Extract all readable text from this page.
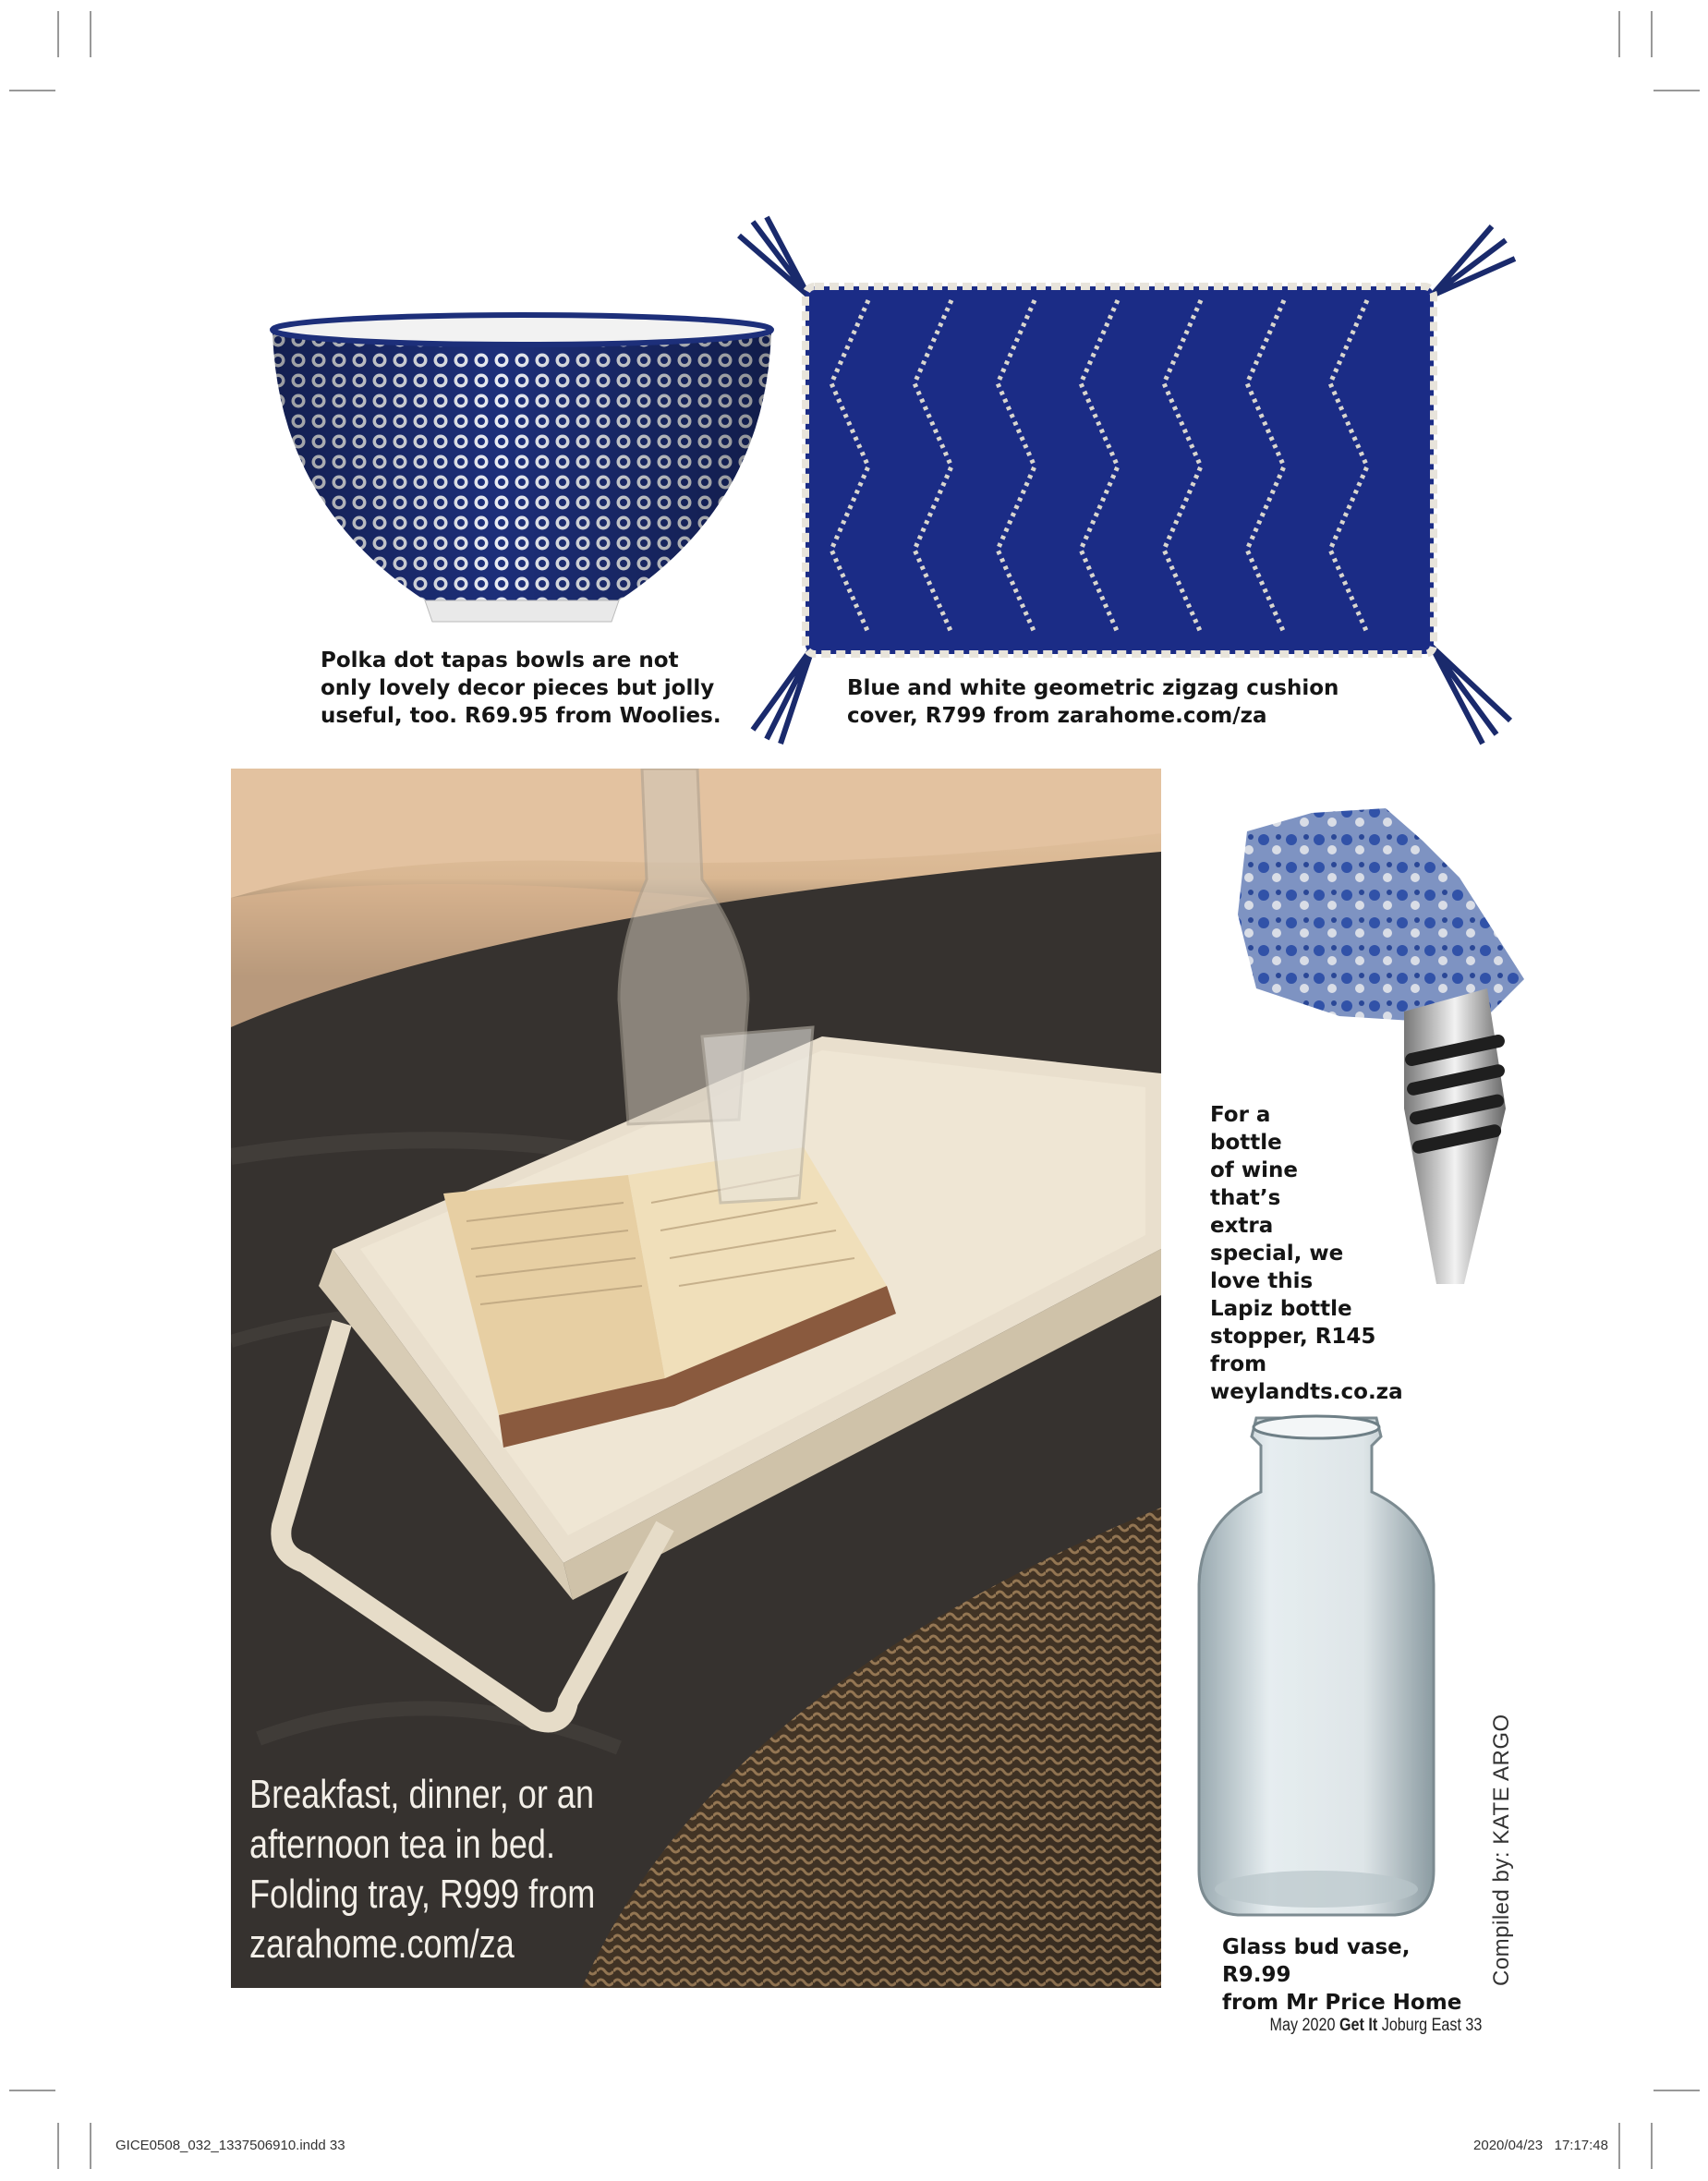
Polka dot tapas bowls are not only lovely decor pieces but jolly useful, too. R69.95 from Woolies.
Blue and white geometric zigzag cushion cover, R799 from zarahome.com/za
Breakfast, dinner, or an
afternoon tea in bed.
Folding tray, R999 from
zarahome.com/za
For a
bottle
of wine
that’s
extra
special, we
love this
Lapiz bottle
stopper, R145 from
weylandts.co.za
Glass bud vase, R9.99
from Mr Price Home
Compiled by: KATE ARGO
May 2020 Get It Joburg East 33
GICE0508_032_1337506910.indd 33	2020/04/23   17:17:48
